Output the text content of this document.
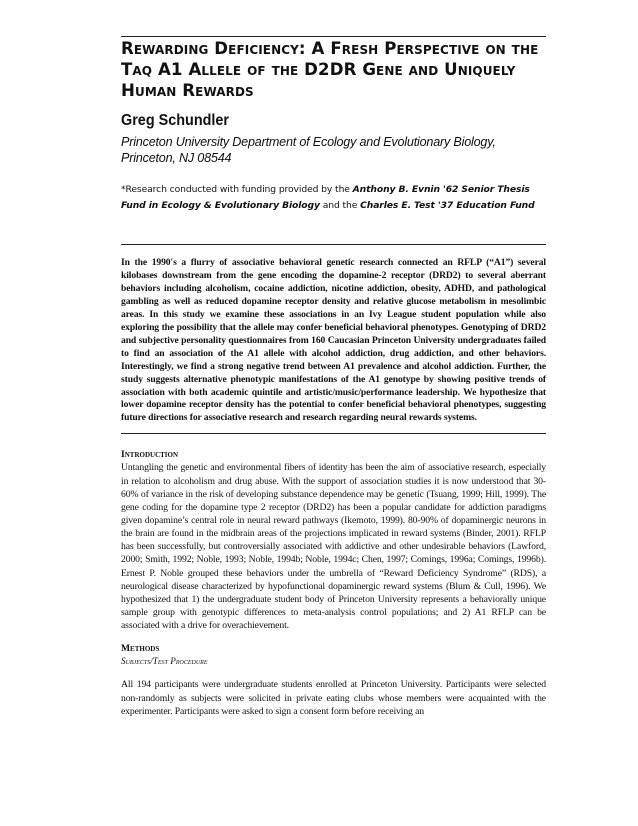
Rewarding Deficiency: A Fresh Perspective on the Taq A1 Allele of the D2DR Gene and Uniquely Human Rewards
Greg Schundler
Princeton University Department of Ecology and Evolutionary Biology,
Princeton, NJ 08544

*Research conducted with funding provided by the Anthony B. Evnin '62 Senior Thesis Fund in Ecology & Evolutionary Biology and the Charles E. Test '37 Education Fund

In the 1990's a flurry of associative behavioral genetic research connected an RFLP (“A1”) several kilobases downstream from the gene encoding the dopamine-2 receptor (DRD2) to several aberrant behaviors including alcoholism, cocaine addiction, nicotine addiction, obesity, ADHD, and pathological gambling as well as reduced dopamine receptor density and relative glucose metabolism in mesolimbic areas. In this study we examine these associations in an Ivy League student population while also exploring the possibility that the allele may confer beneficial behavioral phenotypes. Genotyping of DRD2 and subjective personality questionnaires from 160 Caucasian Princeton University undergraduates failed to find an association of the A1 allele with alcohol addiction, drug addiction, and other behaviors. Interestingly, we find a strong negative trend between A1 prevalence and alcohol addiction. Further, the study suggests alternative phenotypic manifestations of the A1 genotype by showing positive trends of association with both academic quintile and artistic/music/performance leadership. We hypothesize that lower dopamine receptor density has the potential to confer beneficial behavioral phenotypes, suggesting future directions for associative research and research regarding neural rewards systems.

Introduction

Untangling the genetic and environmental fibers of identity has been the aim of associative research, especially in relation to alcoholism and drug abuse. With the support of association studies it is now understood that 30-60% of variance in the risk of developing substance dependence may be genetic (Tsuang, 1999; Hill, 1999). The gene coding for the dopamine type 2 receptor (DRD2) has been a popular candidate for addiction paradigms given dopamine’s central role in neural reward pathways (Ikemoto, 1999). 80-90% of dopaminergic neurons in the brain are found in the midbrain areas of the projections implicated in reward systems (Binder, 2001). RFLP has been successfully, but controversially associated with addictive and other undesirable behaviors (Lawford, 2000; Smith, 1992; Noble, 1993; Noble, 1994b; Noble, 1994c; Chen, 1997; Comings, 1996a; Comings, 1996b). Ernest P. Noble grouped these behaviors under the umbrella of “Reward Deficiency Syndrome” (RDS), a neurological disease characterized by hypofunctional dopaminergic reward systems (Blum & Cull, 1996). We hypothesized that 1) the undergraduate student body of Princeton University represents a behaviorally unique sample group with genotypic differences to meta-analysis control populations; and 2) A1 RFLP can be associated with a drive for overachievement.

Methods
Subjects/Test Procedure

All 194 participants were undergraduate students enrolled at Princeton University. Participants were selected non-randomly as subjects were solicited in private eating clubs whose members were acquainted with the experimenter. Participants were asked to sign a consent form before receiving an
